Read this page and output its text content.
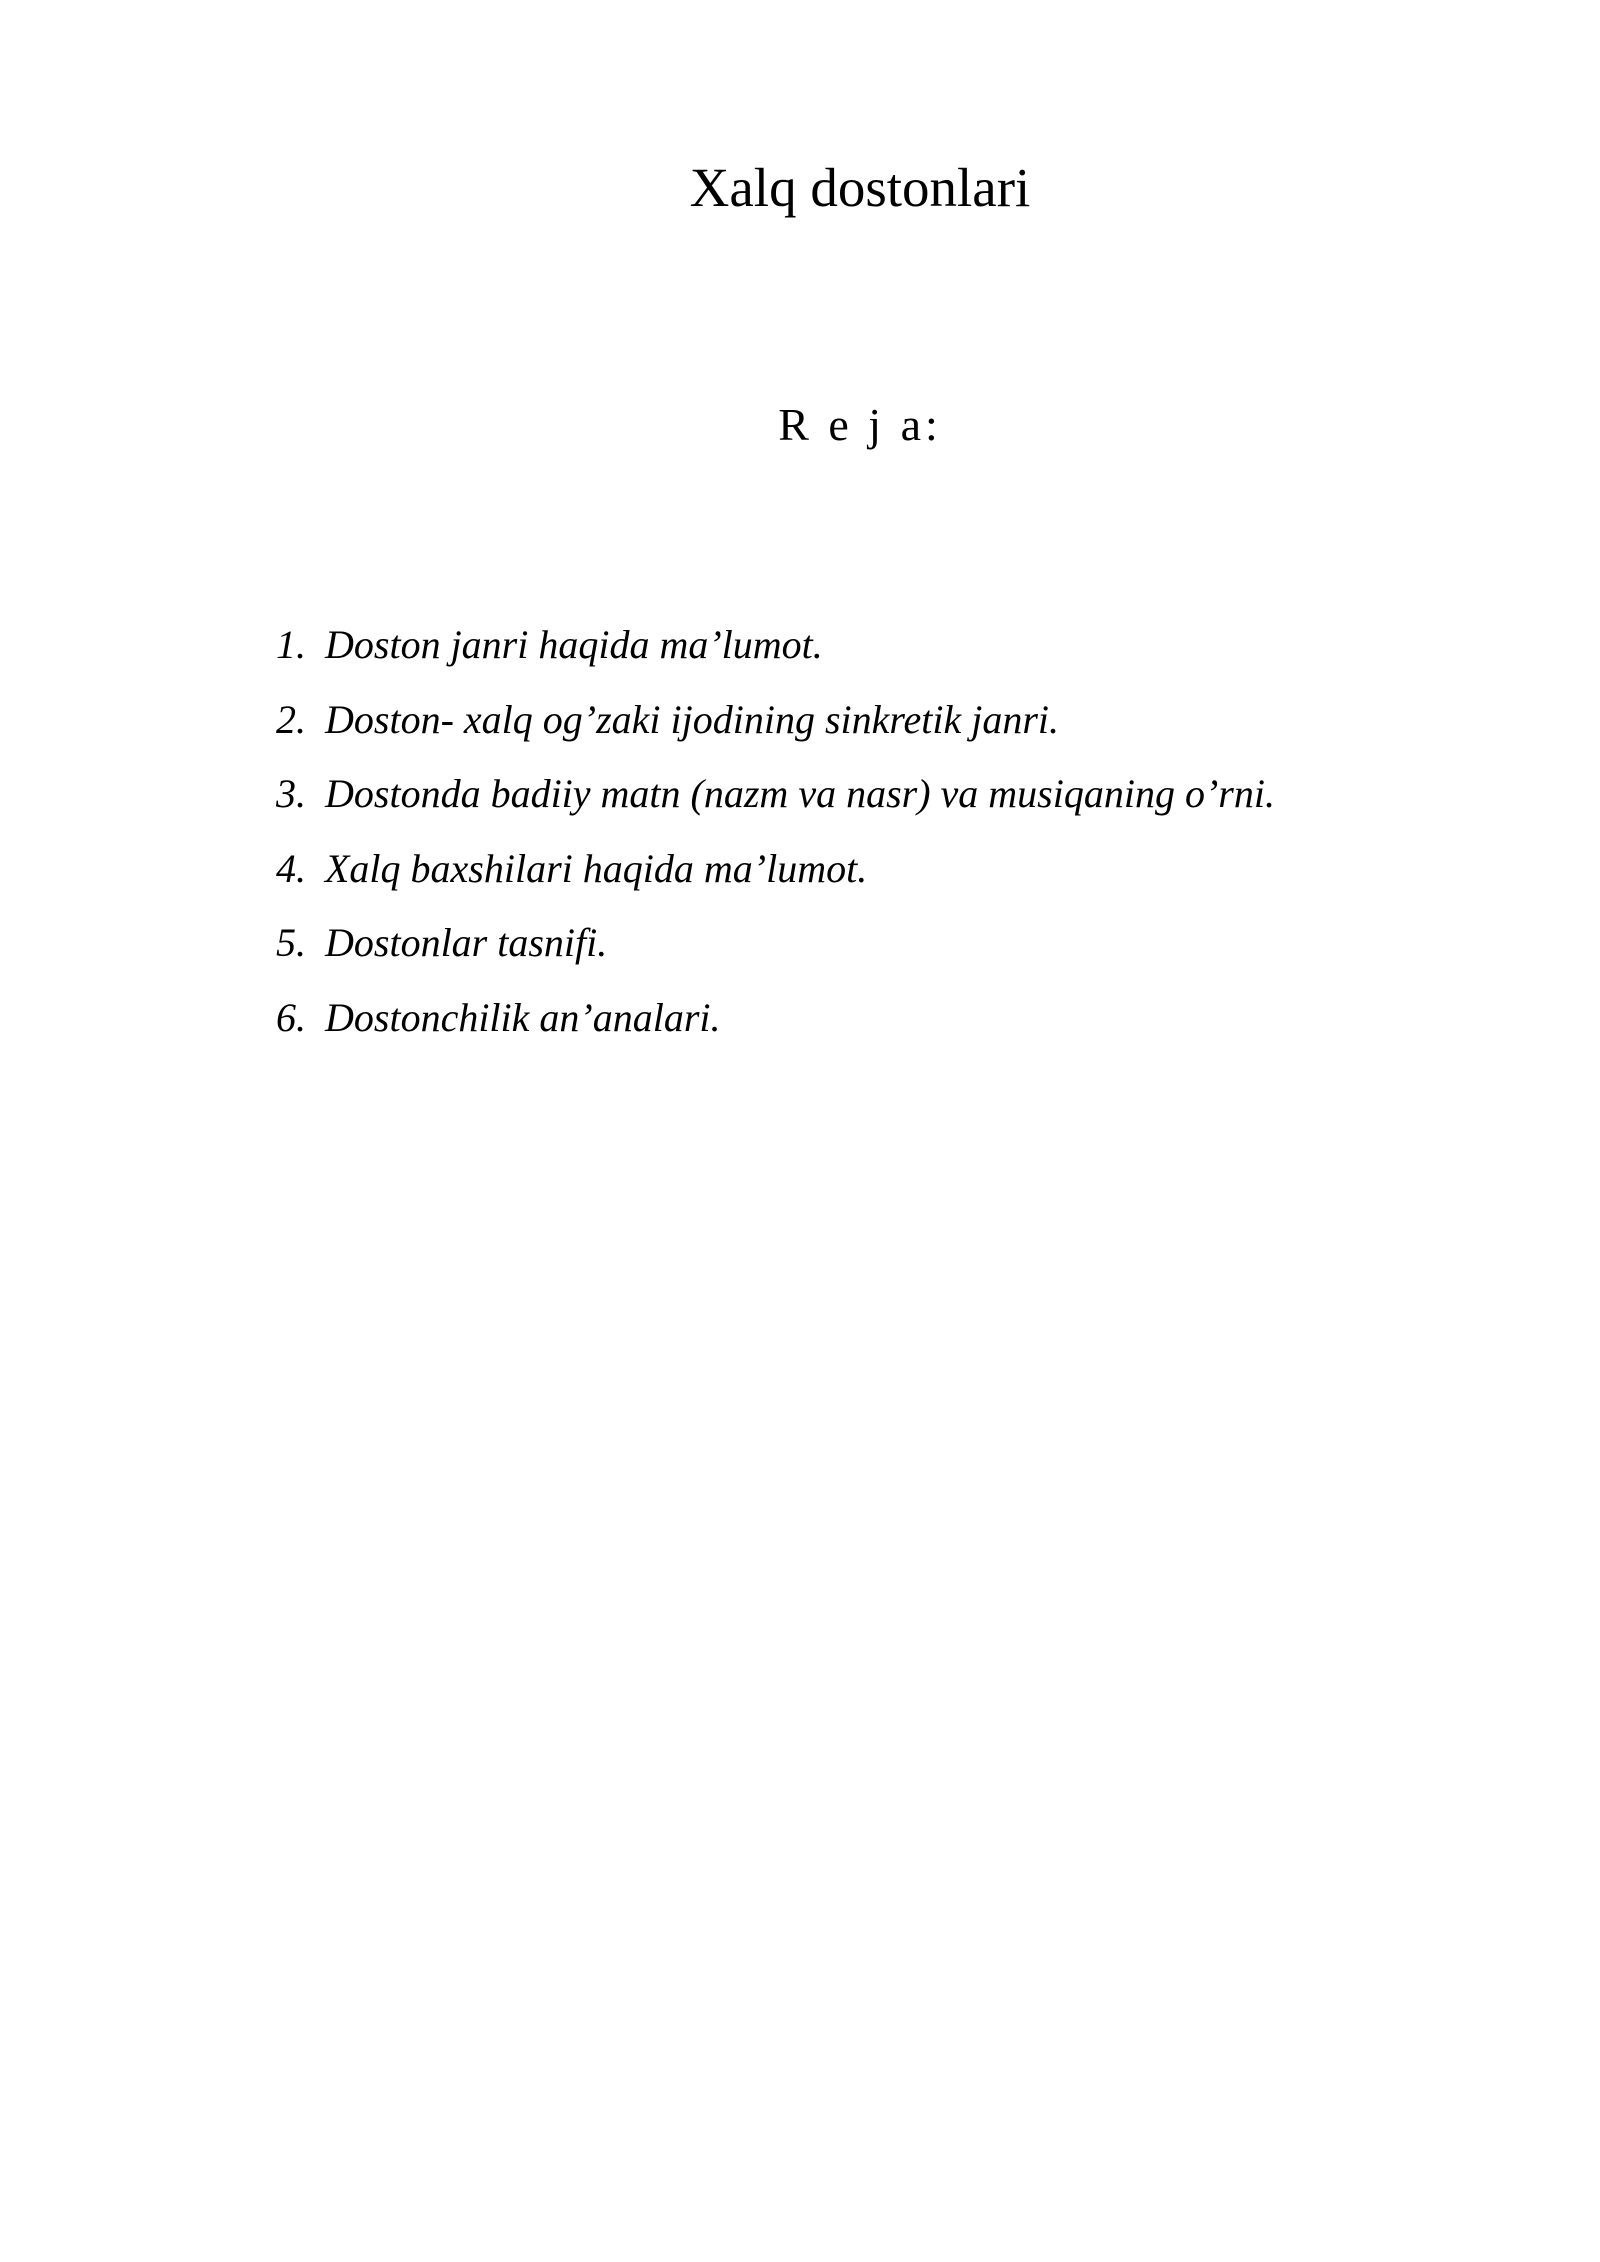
Xalq dostonlari
R e j a:
1. Doston janri haqida ma’lumot.
2. Doston- xalq og’zaki ijodining sinkretik janri.
3. Dostonda badiiy matn (nazm va nasr) va musiqaning o’rni.
4. Xalq baxshilari haqida ma’lumot.
5. Dostonlar tasnifi.
6. Dostonchilik an’analari.
